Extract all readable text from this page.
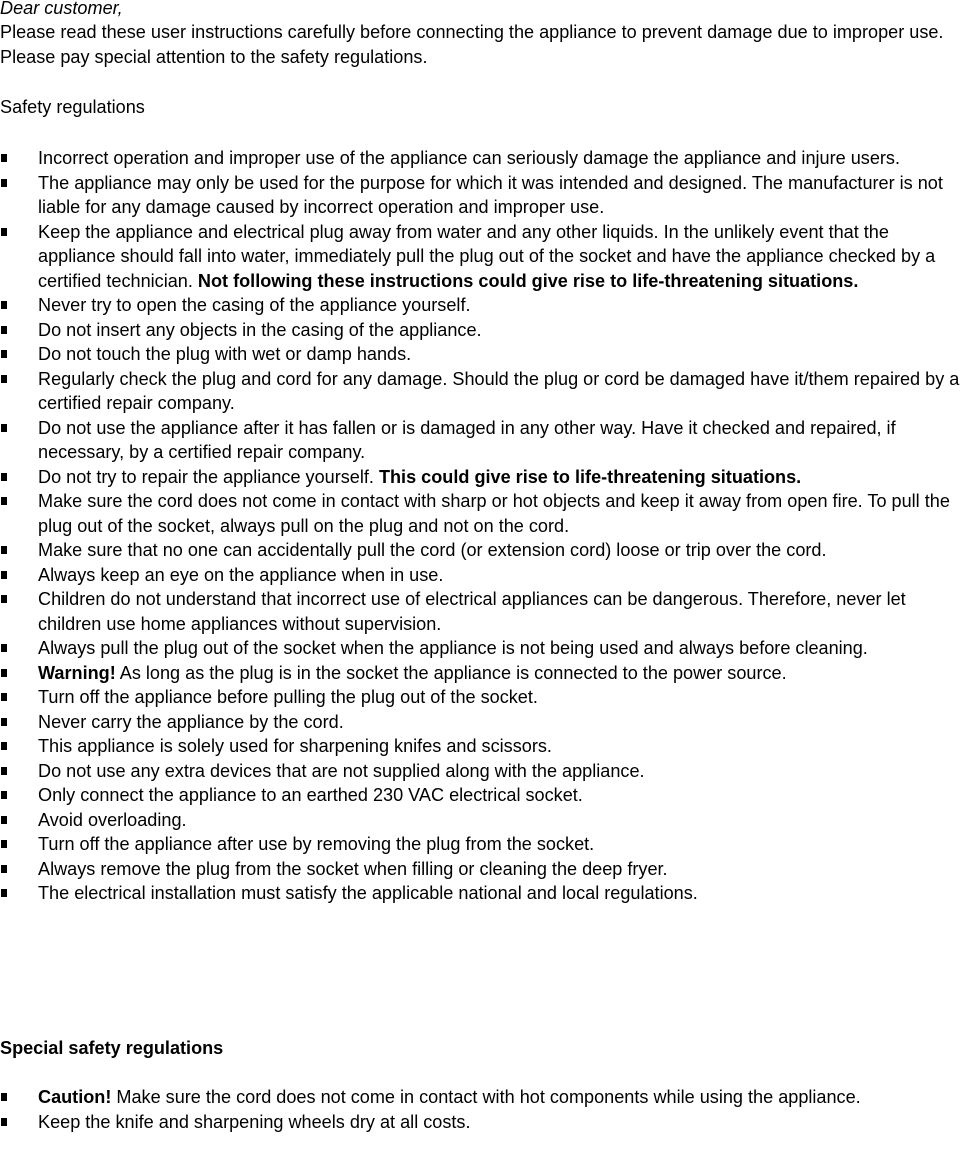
Dear customer,

Please read these user instructions carefully before connecting the appliance to prevent damage due to improper use. Please pay special attention to the safety regulations.

Safety regulations
Incorrect operation and improper use of the appliance can seriously damage the appliance and injure users.
The appliance may only be used for the purpose for which it was intended and designed. The manufacturer is not liable for any damage caused by incorrect operation and improper use.
Keep the appliance and electrical plug away from water and any other liquids. In the unlikely event that the appliance should fall into water, immediately pull the plug out of the socket and have the appliance checked by a certified technician. Not following these instructions could give rise to life-threatening situations.
Never try to open the casing of the appliance yourself.
Do not insert any objects in the casing of the appliance.
Do not touch the plug with wet or damp hands.
Regularly check the plug and cord for any damage. Should the plug or cord be damaged have it/them repaired by a certified repair company.
Do not use the appliance after it has fallen or is damaged in any other way. Have it checked and repaired, if necessary, by a certified repair company.
Do not try to repair the appliance yourself. This could give rise to life-threatening situations.
Make sure the cord does not come in contact with sharp or hot objects and keep it away from open fire. To pull the plug out of the socket, always pull on the plug and not on the cord.
Make sure that no one can accidentally pull the cord (or extension cord) loose or trip over the cord.
Always keep an eye on the appliance when in use.
Children do not understand that incorrect use of electrical appliances can be dangerous. Therefore, never let children use home appliances without supervision.
Always pull the plug out of the socket when the appliance is not being used and always before cleaning.
Warning! As long as the plug is in the socket the appliance is connected to the power source.
Turn off the appliance before pulling the plug out of the socket.
Never carry the appliance by the cord.
This appliance is solely used for sharpening knifes and scissors.
Do not use any extra devices that are not supplied along with the appliance.
Only connect the appliance to an earthed 230 VAC electrical socket.
Avoid overloading.
Turn off the appliance after use by removing the plug from the socket.
Always remove the plug from the socket when filling or cleaning the deep fryer.
The electrical installation must satisfy the applicable national and local regulations.
Special safety regulations
Caution! Make sure the cord does not come in contact with hot components while using the appliance.
Keep the knife and sharpening wheels dry at all costs.
